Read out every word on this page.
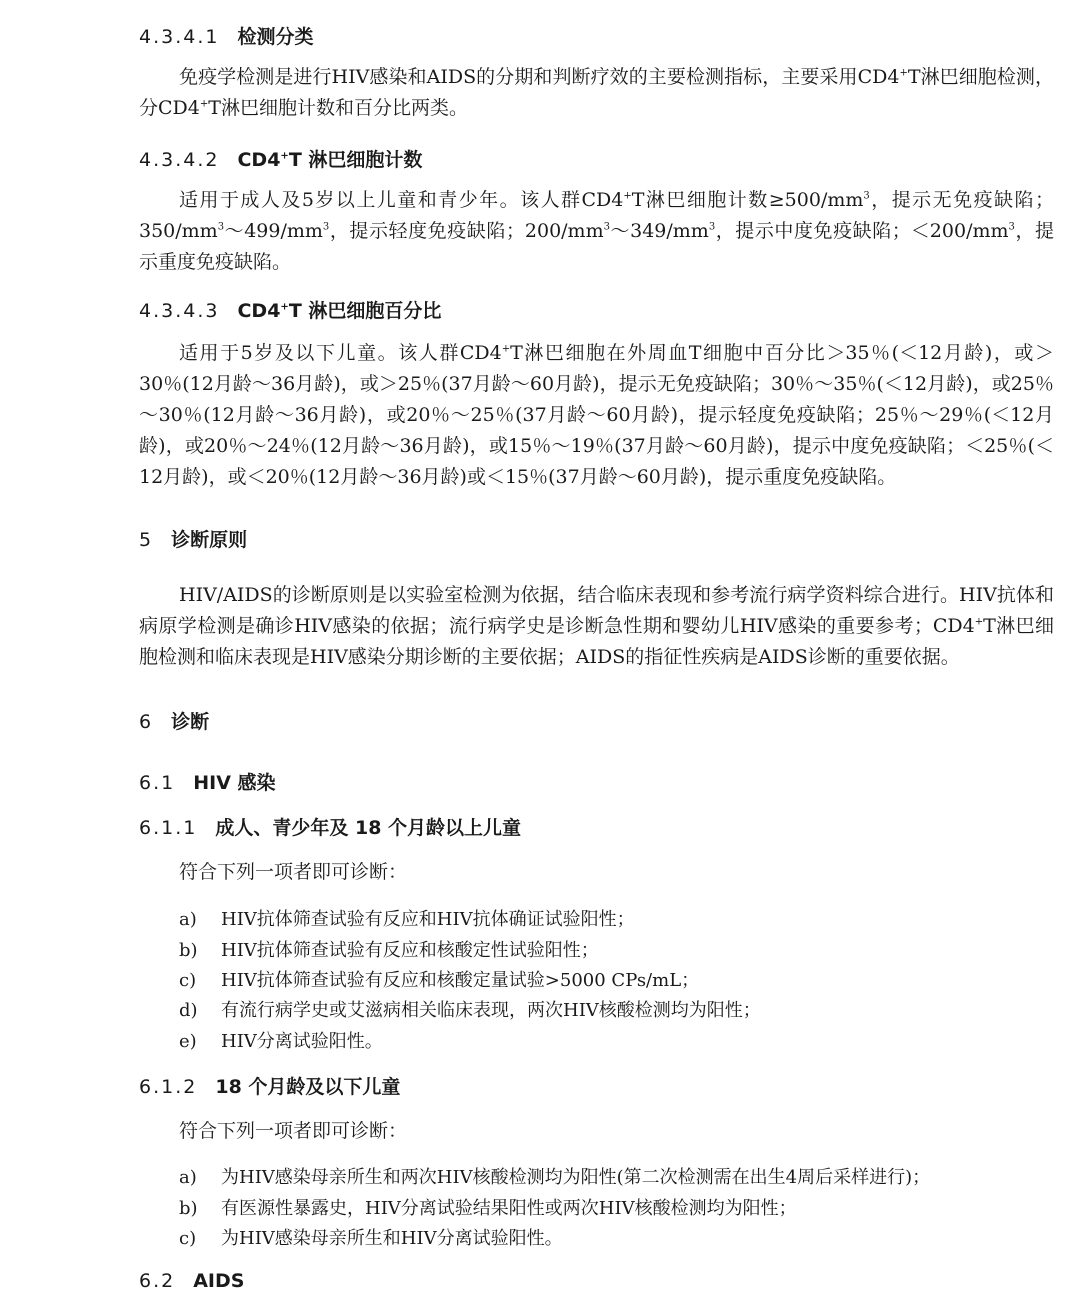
4.3.4.1 检测分类
免疫学检测是进行HIV感染和AIDS的分期和判断疗效的主要检测指标，主要采用CD4+T淋巴细胞检测，分CD4+T淋巴细胞计数和百分比两类。
4.3.4.2 CD4+T 淋巴细胞计数
适用于成人及5岁以上儿童和青少年。该人群CD4+T淋巴细胞计数$\ge 500/mm^3$，提示无免疫缺陷；$350/mm^3\sim 499/mm^3$，提示轻度免疫缺陷；$200/mm^3\sim 349/mm^3$，提示中度免疫缺陷；$<200/mm^3$，提示重度免疫缺陷。
4.3.4.3 CD4+T 淋巴细胞百分比
适用于5岁及以下儿童。该人群CD4+T淋巴细胞在外周血T细胞中百分比＞35％(＜12月龄)，或＞30％(12月龄～36月龄)，或＞25％(37月龄～60月龄)，提示无免疫缺陷；30％～35％(＜12月龄)，或25％～30％(12月龄～36月龄)，或20％～25％(37月龄～60月龄)，提示轻度免疫缺陷；25％～29％(＜12月龄)，或20％～24％(12月龄～36月龄)，或15％～19％(37月龄～60月龄)，提示中度免疫缺陷；＜25％(＜12月龄)，或＜20％(12月龄～36月龄)或＜15％(37月龄～60月龄)，提示重度免疫缺陷。
5 诊断原则
HIV/AIDS的诊断原则是以实验室检测为依据，结合临床表现和参考流行病学资料综合进行。HIV抗体和病原学检测是确诊HIV感染的依据；流行病学史是诊断急性期和婴幼儿HIV感染的重要参考；CD4+T淋巴细胞检测和临床表现是HIV感染分期诊断的主要依据；AIDS的指征性疾病是AIDS诊断的重要依据。
6 诊断
6.1 HIV 感染
6.1.1 成人、青少年及 18 个月龄以上儿童
符合下列一项者即可诊断：
a) HIV抗体筛查试验有反应和HIV抗体确证试验阳性；
b) HIV抗体筛查试验有反应和核酸定性试验阳性；
c) HIV抗体筛查试验有反应和核酸定量试验>5000 CPs/mL；
d) 有流行病学史或艾滋病相关临床表现，两次HIV核酸检测均为阳性；
e) HIV分离试验阳性。
6.1.2 18 个月龄及以下儿童
符合下列一项者即可诊断：
a) 为HIV感染母亲所生和两次HIV核酸检测均为阳性(第二次检测需在出生4周后采样进行)；
b) 有医源性暴露史，HIV分离试验结果阳性或两次HIV核酸检测均为阳性；
c) 为HIV感染母亲所生和HIV分离试验阳性。
6.2 AIDS
